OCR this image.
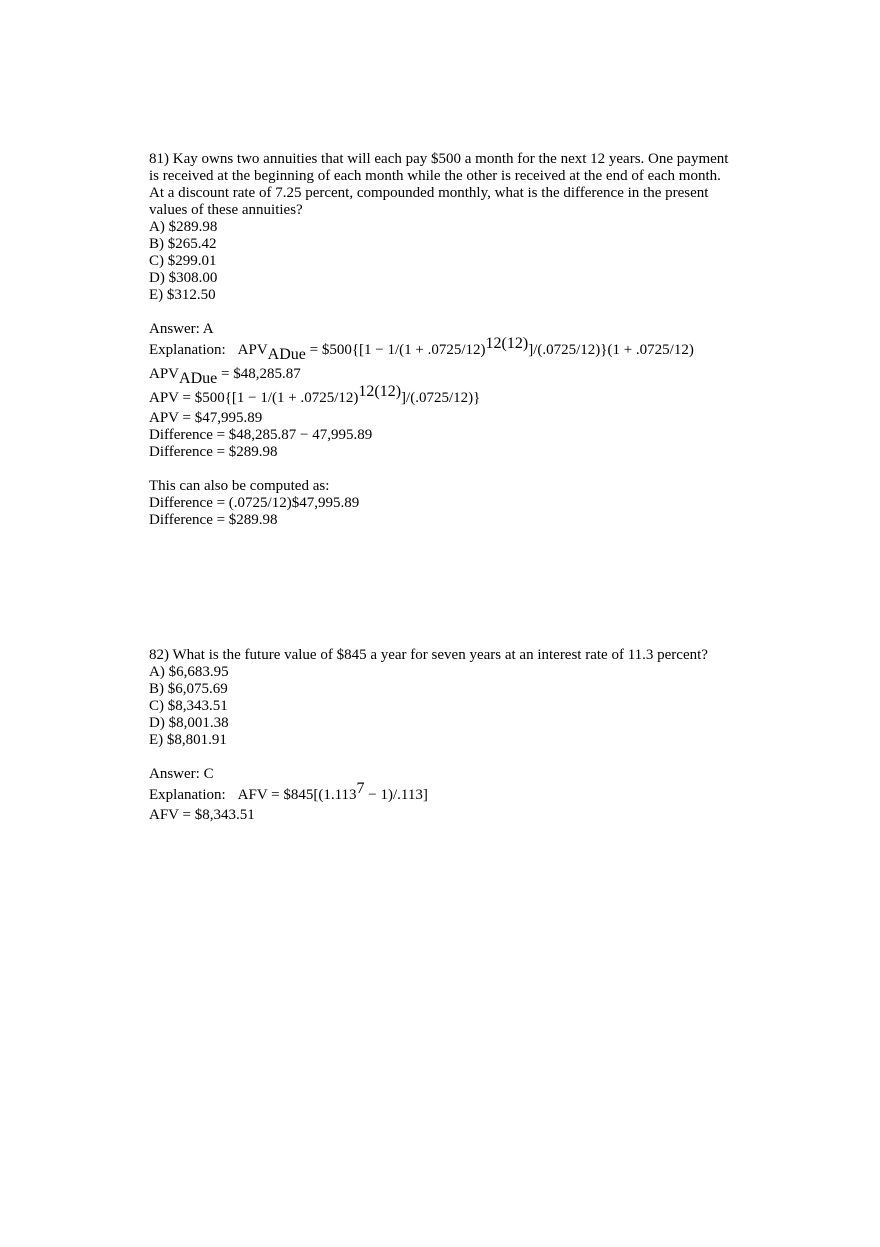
81) Kay owns two annuities that will each pay $500 a month for the next 12 years. One payment
is received at the beginning of each month while the other is received at the end of each month.
At a discount rate of 7.25 percent, compounded monthly, what is the difference in the present
values of these annuities?
A) $289.98
B) $265.42
C) $299.01
D) $308.00
E) $312.50
Answer: A
Explanation: APVADue = $500{[1 − 1/(1 + .0725/12)12(12)]/(.0725/12)}(1 + .0725/12)
APVADue = $48,285.87
APV = $500{[1 − 1/(1 + .0725/12)12(12)]/(.0725/12)}
APV = $47,995.89
Difference = $48,285.87 − 47,995.89
Difference = $289.98
This can also be computed as:
Difference = (.0725/12)$47,995.89
Difference = $289.98
82) What is the future value of $845 a year for seven years at an interest rate of 11.3 percent?
A) $6,683.95
B) $6,075.69
C) $8,343.51
D) $8,001.38
E) $8,801.91
Answer: C
Explanation: AFV = $845[(1.1137 − 1)/.113]
AFV = $8,343.51
